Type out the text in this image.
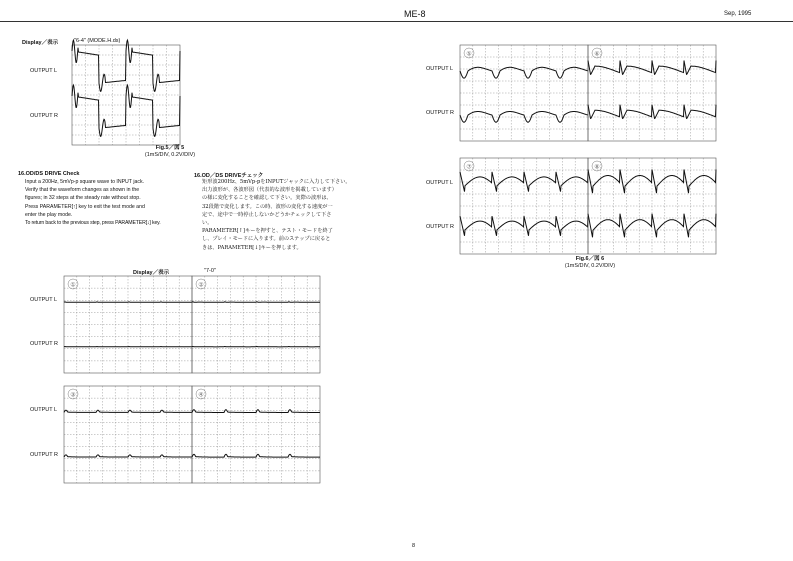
ME-8	Sep, 1995
Display／表示	"6-4" (MODE.H.ds)
OUTPUT L
OUTPUT R
Fig.5／図 5
(1mS/DIV, 0.2V/DIV)
16.OD/DS DRIVE Check
Input a 200Hz, 5mVp-p square wave to INPUT jack.
Verify that the waveform changes as shown in the
figures; in 32 steps at the steady rate without stop.
Press PARAMETER[↑] key to exit the test mode and
enter the play mode.
To return back to the previous step, press PARAMETER[↓] key.
16.OD／DS DRIVEチェック
矩形波200Hz、5mVp-pをINPUTジャックに入力して下さい。
出力波形が、各波形図（代表的な波形を掲載しています）
の様に変化することを確認して下さい。実際の波形は、
32段階で変化します。この時、波形の変化する速度が一
定で、途中で一時停止しないかどうかチェックして下さ
い。
PARAMETER[↑]キーを押すと、テスト・モードを終了
し、プレイ・モードに入ります。前のステップに戻ると
きは、PARAMETER[↓]キーを押します。
Display／表示	"7-0"
OUTPUT L
OUTPUT R
OUTPUT L
OUTPUT R
①	②
③	④
OUTPUT L
OUTPUT R
OUTPUT L
OUTPUT R
⑤	⑥
⑦	⑧
Fig.6／図 6
(1mS/DIV, 0.2V/DIV)
8
